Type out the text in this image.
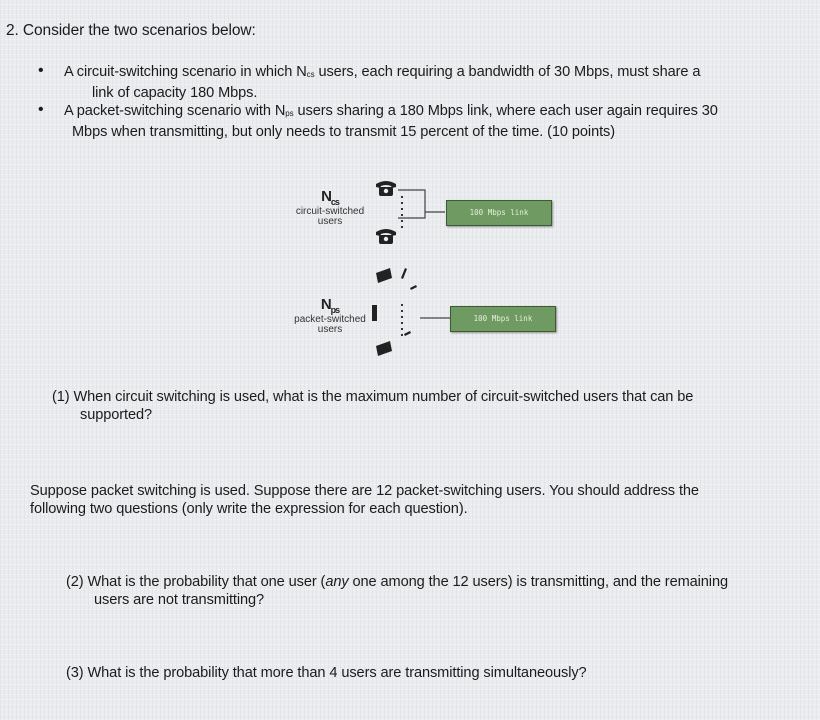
2. Consider the two scenarios below:
• A circuit-switching scenario in which $N_{cs}$ users, each requiring a bandwidth of 30 Mbps, must share a
link of capacity 180 Mbps.
• A packet-switching scenario with $N_{ps}$ users sharing a 180 Mbps link, where each user again requires 30
Mbps when transmitting, but only needs to transmit 15 percent of the time. (10 points)
$N_{cs}$
circuit-switched
users
100 Mbps link
$N_{ps}$
packet-switched
users
100 Mbps link
(1) When circuit switching is used, what is the maximum number of circuit-switched users that can be
supported?
Suppose packet switching is used. Suppose there are 12 packet-switching users. You should address the
following two questions (only write the expression for each question).
(2) What is the probability that one user (any one among the 12 users) is transmitting, and the remaining
users are not transmitting?
(3) What is the probability that more than 4 users are transmitting simultaneously?
